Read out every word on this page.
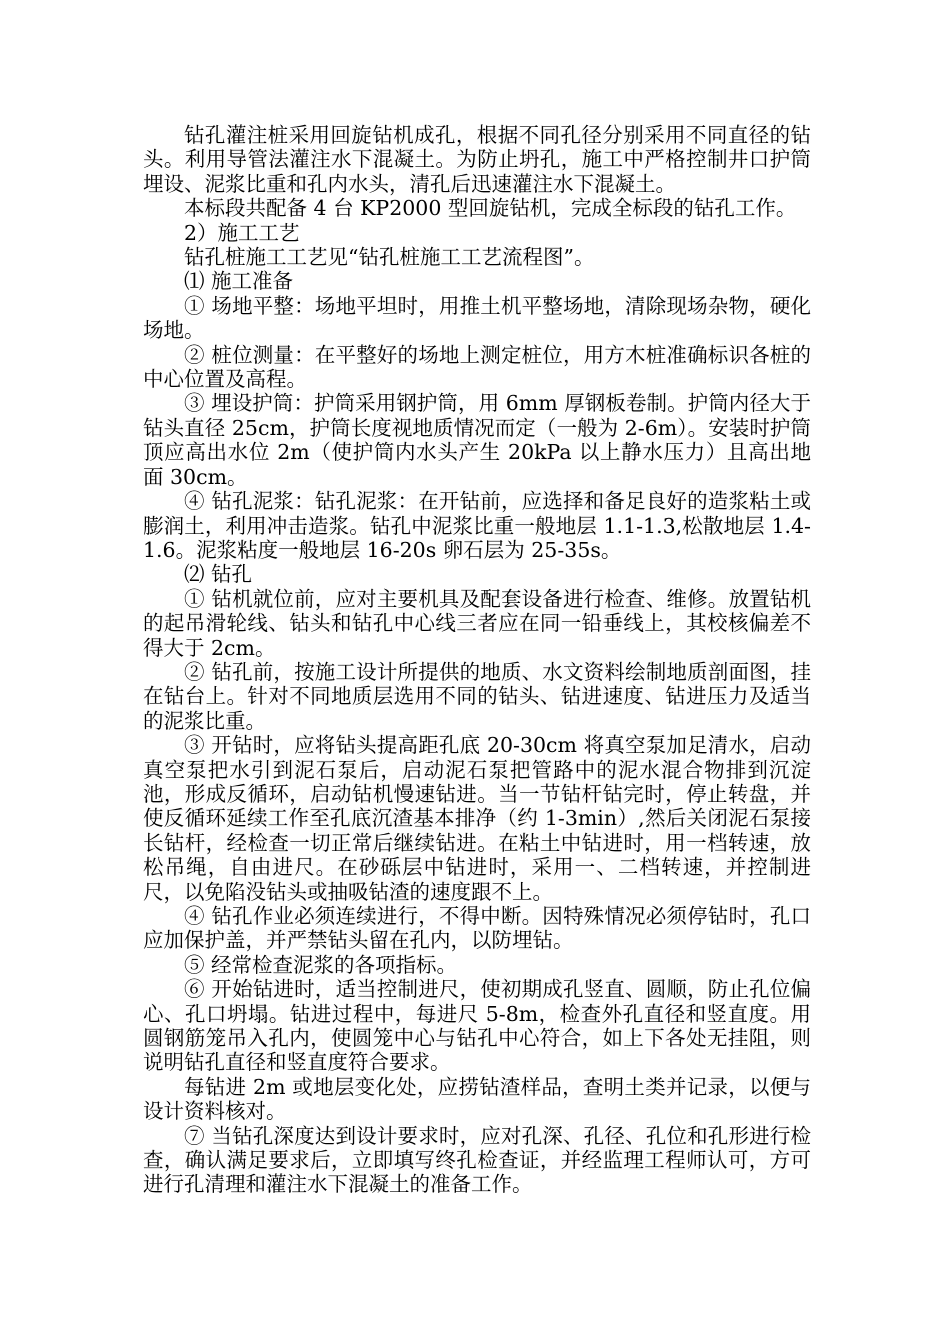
钻孔灌注桩采用回旋钻机成孔，根据不同孔径分别采用不同直径的钻头。利用导管法灌注水下混凝土。为防止坍孔，施工中严格控制井口护筒埋设、泥浆比重和孔内水头，清孔后迅速灌注水下混凝土。

本标段共配备 4 台 KP2000 型回旋钻机，完成全标段的钻孔工作。

2）施工工艺

钻孔桩施工工艺见“钻孔桩施工工艺流程图”。

⑴ 施工准备

① 场地平整：场地平坦时，用推土机平整场地，清除现场杂物，硬化场地。

② 桩位测量：在平整好的场地上测定桩位，用方木桩准确标识各桩的中心位置及高程。

③ 埋设护筒：护筒采用钢护筒，用 6mm 厚钢板卷制。护筒内径大于钻头直径 25cm，护筒长度视地质情况而定（一般为 2-6m）。安装时护筒顶应高出水位 2m（使护筒内水头产生 20kPa 以上静水压力）且高出地面 30cm。

④ 钻孔泥浆：钻孔泥浆：在开钻前，应选择和备足良好的造浆粘土或膨润土，利用冲击造浆。钻孔中泥浆比重一般地层 1.1-1.3,松散地层 1.4-1.6。泥浆粘度一般地层 16-20s 卵石层为 25-35s。

⑵ 钻孔

① 钻机就位前，应对主要机具及配套设备进行检查、维修。放置钻机的起吊滑轮线、钻头和钻孔中心线三者应在同一铅垂线上，其校核偏差不得大于 2cm。

② 钻孔前，按施工设计所提供的地质、水文资料绘制地质剖面图，挂在钻台上。针对不同地质层选用不同的钻头、钻进速度、钻进压力及适当的泥浆比重。

③ 开钻时，应将钻头提高距孔底 20-30cm 将真空泵加足清水，启动真空泵把水引到泥石泵后，启动泥石泵把管路中的泥水混合物排到沉淀池，形成反循环，启动钻机慢速钻进。当一节钻杆钻完时，停止转盘，并使反循环延续工作至孔底沉渣基本排净（约 1-3min）,然后关闭泥石泵接长钻杆，经检查一切正常后继续钻进。在粘土中钻进时，用一档转速，放松吊绳，自由进尺。在砂砾层中钻进时，采用一、二档转速，并控制进尺，以免陷没钻头或抽吸钻渣的速度跟不上。

④ 钻孔作业必须连续进行，不得中断。因特殊情况必须停钻时，孔口应加保护盖，并严禁钻头留在孔内，以防埋钻。

⑤ 经常检查泥浆的各项指标。

⑥ 开始钻进时，适当控制进尺，使初期成孔竖直、圆顺，防止孔位偏心、孔口坍塌。钻进过程中，每进尺 5-8m，检查外孔直径和竖直度。用圆钢筋笼吊入孔内，使圆笼中心与钻孔中心符合，如上下各处无挂阻，则说明钻孔直径和竖直度符合要求。

每钻进 2m 或地层变化处，应捞钻渣样品，查明土类并记录，以便与设计资料核对。

⑦ 当钻孔深度达到设计要求时，应对孔深、孔径、孔位和孔形进行检查，确认满足要求后，立即填写终孔检查证，并经监理工程师认可，方可进行孔清理和灌注水下混凝土的准备工作。
